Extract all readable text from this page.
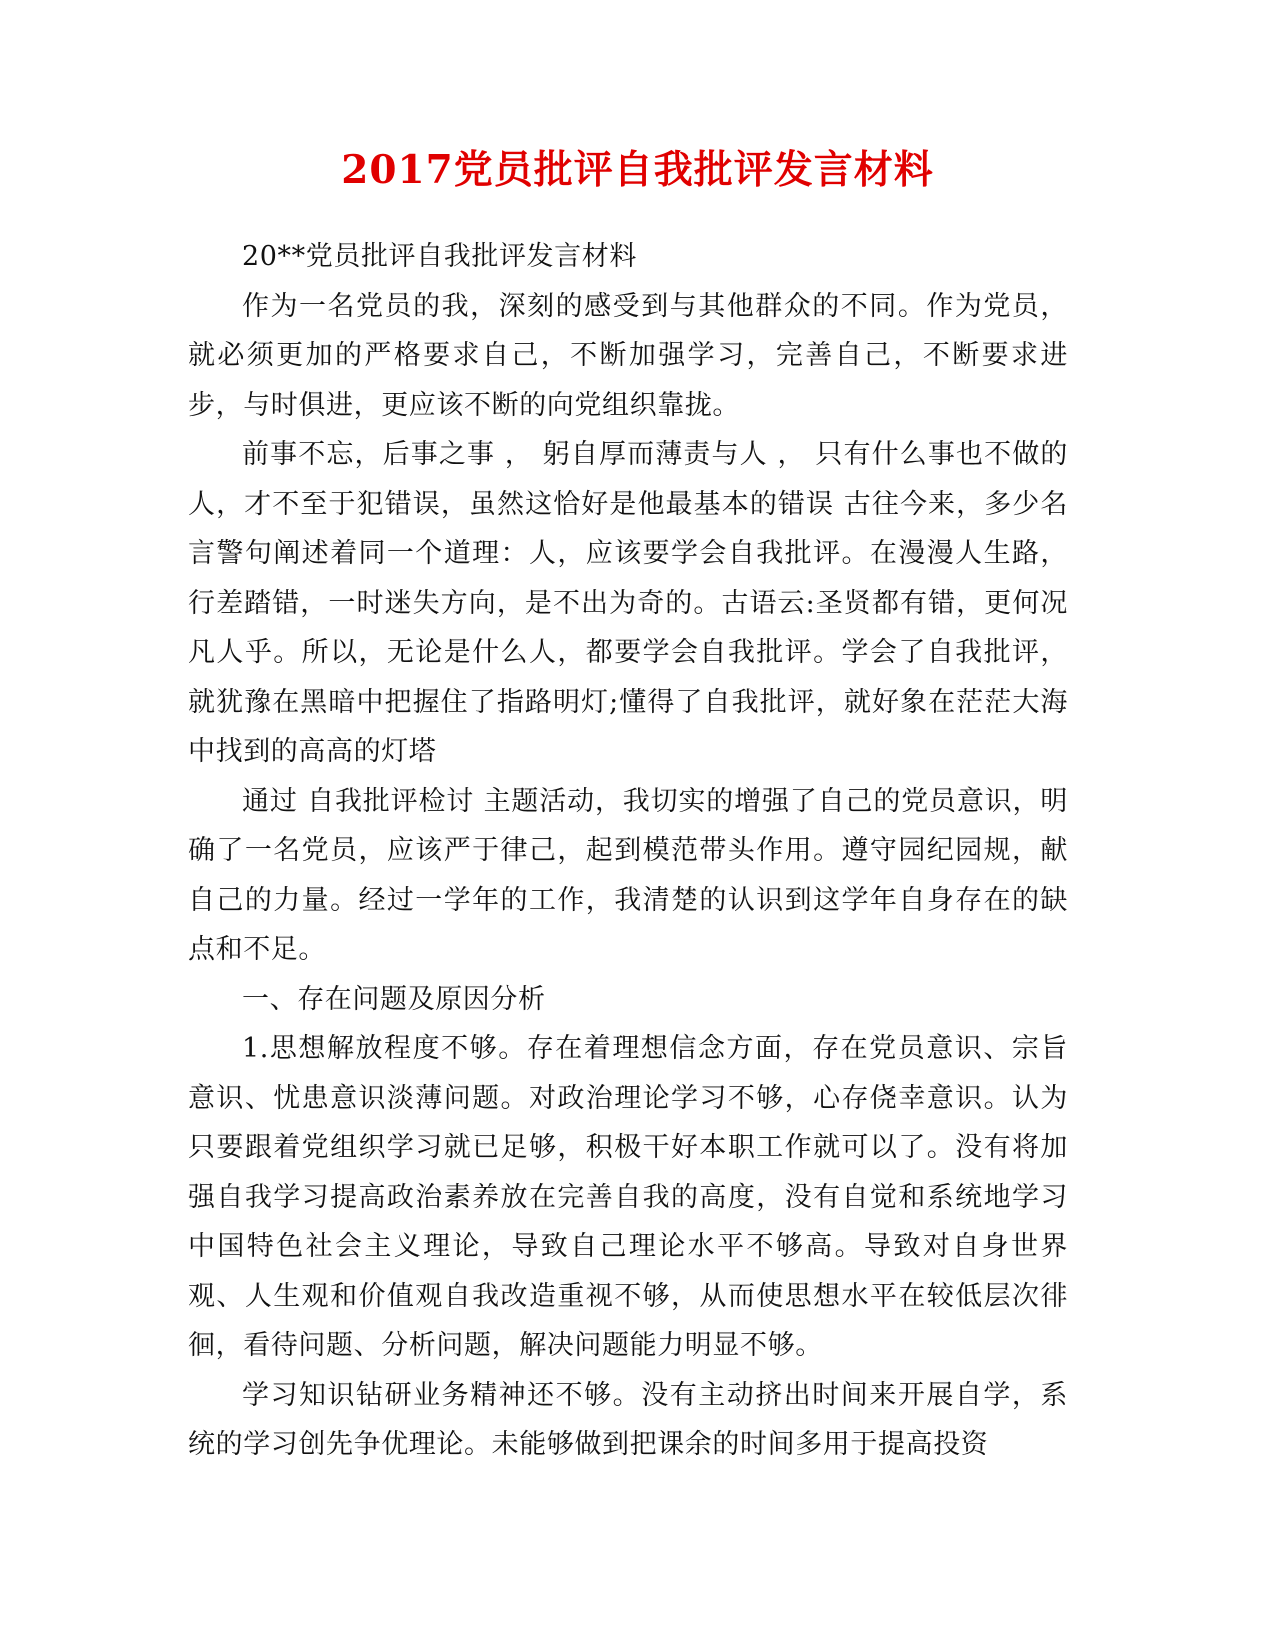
2017党员批评自我批评发言材料

20**党员批评自我批评发言材料

作为一名党员的我，深刻的感受到与其他群众的不同。作为党员，就必须更加的严格要求自己，不断加强学习，完善自己，不断要求进步，与时俱进，更应该不断的向党组织靠拢。

前事不忘，后事之事 ， 躬自厚而薄责与人 ， 只有什么事也不做的人，才不至于犯错误，虽然这恰好是他最基本的错误 古往今来，多少名言警句阐述着同一个道理：人，应该要学会自我批评。在漫漫人生路，行差踏错，一时迷失方向，是不出为奇的。古语云:圣贤都有错，更何况凡人乎。所以，无论是什么人，都要学会自我批评。学会了自我批评，就犹豫在黑暗中把握住了指路明灯;懂得了自我批评，就好象在茫茫大海中找到的高高的灯塔

通过 自我批评检讨 主题活动，我切实的增强了自己的党员意识，明确了一名党员，应该严于律己，起到模范带头作用。遵守园纪园规，献自己的力量。经过一学年的工作，我清楚的认识到这学年自身存在的缺点和不足。

一、存在问题及原因分析

1.思想解放程度不够。存在着理想信念方面，存在党员意识、宗旨意识、忧患意识淡薄问题。对政治理论学习不够，心存侥幸意识。认为只要跟着党组织学习就已足够，积极干好本职工作就可以了。没有将加强自我学习提高政治素养放在完善自我的高度，没有自觉和系统地学习中国特色社会主义理论，导致自己理论水平不够高。导致对自身世界观、人生观和价值观自我改造重视不够，从而使思想水平在较低层次徘徊，看待问题、分析问题，解决问题能力明显不够。

学习知识钻研业务精神还不够。没有主动挤出时间来开展自学，系统的学习创先争优理论。未能够做到把课余的时间多用于提高投资
